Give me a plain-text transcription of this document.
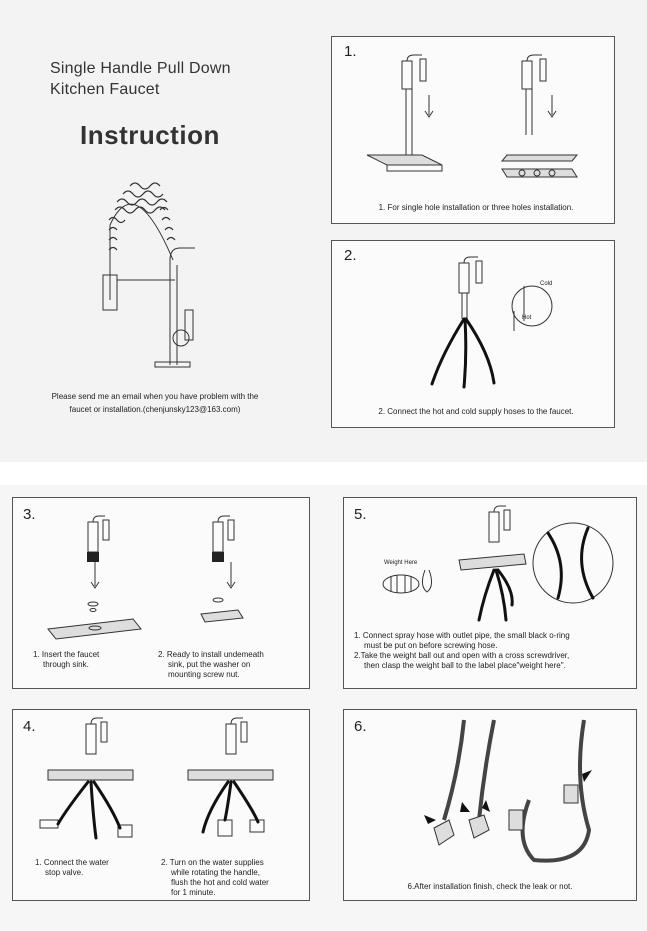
Single Handle Pull Down
Kitchen Faucet
Instruction
Please send me an email when you have problem with the
faucet or installation.(chenjunsky123@163.com)
1.
1. For single hole installation or three holes installation.
2.
Cold
Hot
2. Connect the hot and cold supply hoses to the faucet.
3.
1. Insert the faucet
through sink.
2. Ready to install undemeath
sink, put the washer on
mounting screw nut.
5.
Weight Here
1. Connect spray hose with outlet pipe, the small black o-ring
must be put on before screwing hose.
2.Take the weight ball out and open with a cross screwdriver,
then clasp the weight ball to the label place"weight here".
4.
1. Connect the water
stop valve.
2. Turn on the water supplies
while rotating the handle,
flush the hot and cold water
for 1 minute.
6.
6.After installation finish, check the leak or not.
